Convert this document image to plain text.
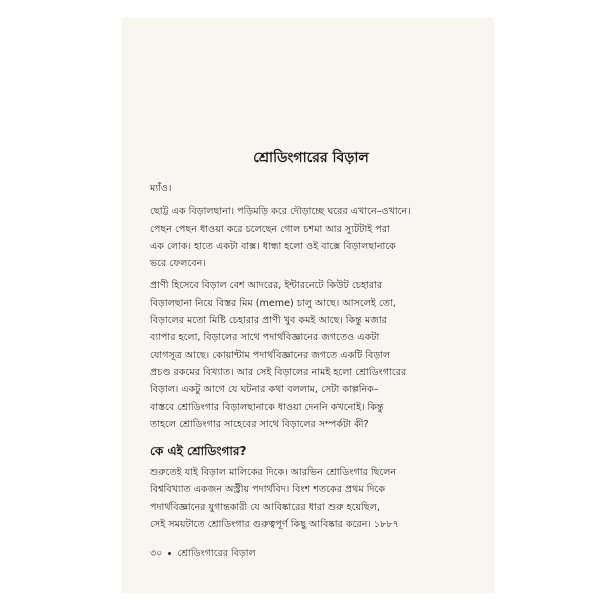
শ্রোডিংগারের বিড়াল
ম্যাঁও।
ছোট্ট এক বিড়ালছানা। পড়িমড়ি করে দৌড়াচ্ছে ঘরের এখানে–ওখানে।
পেছন পেছন ধাওয়া করে চলেছেন গোল চশমা আর স্যুটটাই পরা
এক লোক। হাতে একটা বাক্স। ধান্ধা হলো ওই বাক্সে বিড়ালছানাকে
ভরে ফেলবেন।
প্রাণী হিসেবে বিড়াল বেশ আদরের, ইন্টারনেটে কিউট চেহারার
বিড়ালছানা নিয়ে বিস্তর মিম (meme) চালু আছে। আসলেই তো,
বিড়ালের মতো মিষ্টি চেহারার প্রাণী খুব কমই আছে। কিন্তু মজার
ব্যাপার হলো, বিড়ালের সাথে পদার্থবিজ্ঞানের জগতেও একটা
যোগসূত্র আছে। কোয়ান্টাম পদার্থবিজ্ঞানের জগতে একটি বিড়াল
প্রচণ্ড রকমের বিখ্যাত। আর সেই বিড়ালের নামই হলো শ্রোডিংগারের
বিড়াল। একটু আগে যে ঘটনার কথা বললাম, সেটা কাল্পনিক–
বাস্তবে শ্রোডিংগার বিড়ালছানাকে ধাওয়া দেননি কখনোই। কিন্তু
তাহলে শ্রোডিংগার সাহেবের সাথে বিড়ালের সম্পর্কটা কী?
কে এই শ্রোডিংগার?
শুরুতেই যাই বিড়াল মালিকের দিকে। আরভিন শ্রোডিংগার ছিলেন
বিশ্ববিখ্যাত একজন অস্ট্রীয় পদার্থবিদ। বিংশ শতকের প্রথম দিকে
পদার্থবিজ্ঞানের যুগান্তকারী যে আবিষ্কারের ধারা শুরু হয়েছিল,
সেই সময়টাতে শ্রোডিংগার গুরুত্বপূর্ণ কিছু আবিষ্কার করেন। ১৮৮৭
৩০ শ্রোডিংগারের বিড়াল
